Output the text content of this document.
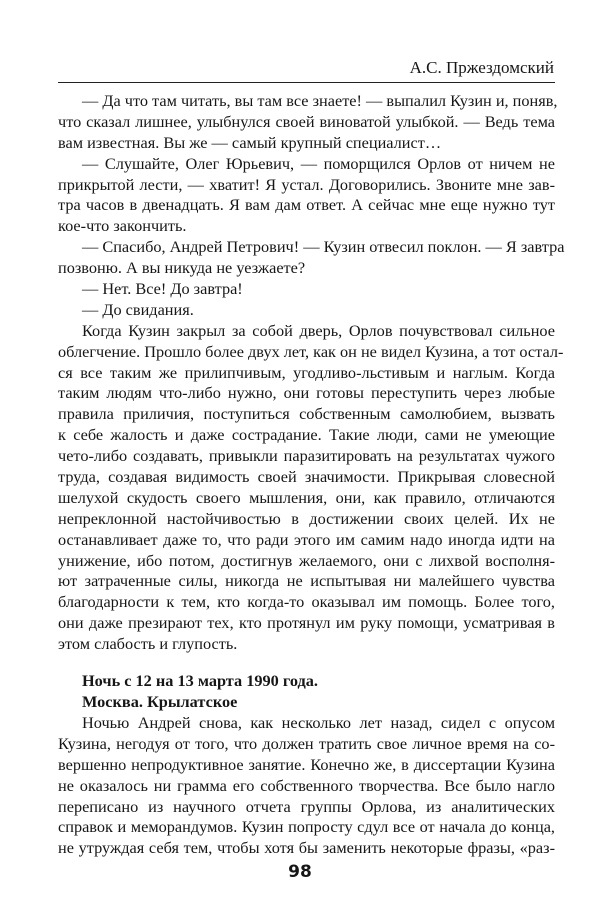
А.С. Пржездомский
— Да что там читать, вы там все знаете! — выпалил Кузин и, поняв,
что сказал лишнее, улыбнулся своей виноватой улыбкой. — Ведь тема
вам известная. Вы же — самый крупный специалист…
— Слушайте, Олег Юрьевич, — поморщился Орлов от ничем не
прикрытой лести, — хватит! Я устал. Договорились. Звоните мне зав-
тра часов в двенадцать. Я вам дам ответ. А сейчас мне еще нужно тут
кое-что закончить.
— Спасибо, Андрей Петрович! — Кузин отвесил поклон. — Я завтра
позвоню. А вы никуда не уезжаете?
— Нет. Все! До завтра!
— До свидания.
Когда Кузин закрыл за собой дверь, Орлов почувствовал сильное
облегчение. Прошло более двух лет, как он не видел Кузина, а тот остал-
ся все таким же прилипчивым, угодливо-льстивым и наглым. Когда
таким людям что-либо нужно, они готовы переступить через любые
правила приличия, поступиться собственным самолюбием, вызвать
к себе жалость и даже сострадание. Такие люди, сами не умеющие
чето-либо создавать, привыкли паразитировать на результатах чужого
труда, создавая видимость своей значимости. Прикрывая словесной
шелухой скудость своего мышления, они, как правило, отличаются
непреклонной настойчивостью в достижении своих целей. Их не
останавливает даже то, что ради этого им самим надо иногда идти на
унижение, ибо потом, достигнув желаемого, они с лихвой восполня-
ют затраченные силы, никогда не испытывая ни малейшего чувства
благодарности к тем, кто когда-то оказывал им помощь. Более того,
они даже презирают тех, кто протянул им руку помощи, усматривая в
этом слабость и глупость.
Ночь с 12 на 13 марта 1990 года.
Москва. Крылатское
Ночью Андрей снова, как несколько лет назад, сидел с опусом
Кузина, негодуя от того, что должен тратить свое личное время на со-
вершенно непродуктивное занятие. Конечно же, в диссертации Кузина
не оказалось ни грамма его собственного творчества. Все было нагло
переписано из научного отчета группы Орлова, из аналитических
справок и меморандумов. Кузин попросту сдул все от начала до конца,
не утруждая себя тем, чтобы хотя бы заменить некоторые фразы, «раз-
98
